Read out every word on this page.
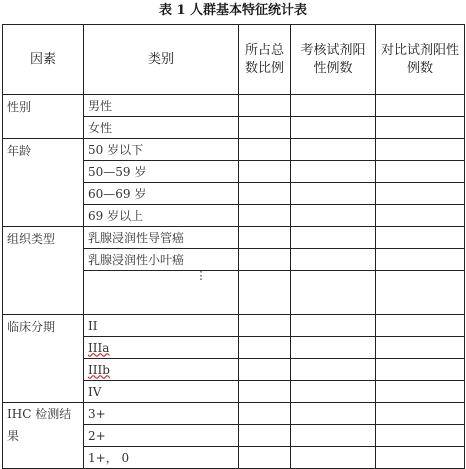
表 1 人群基本特征统计表
因素	类别	所占总数比例	考核试剂阳性例数	对比试剂阳性例数
性别	男性			
	女性			
年龄	50 岁以下			
	50—59 岁			
	60—69 岁			
	69 岁以上			
组织类型	乳腺浸润性导管癌			
	乳腺浸润性小叶癌			

	⋮			

临床分期	II			
	IIIa			
	IIIb			
	IV			
IHC 检测结果	3+			
	2+			
	1+， 0			
